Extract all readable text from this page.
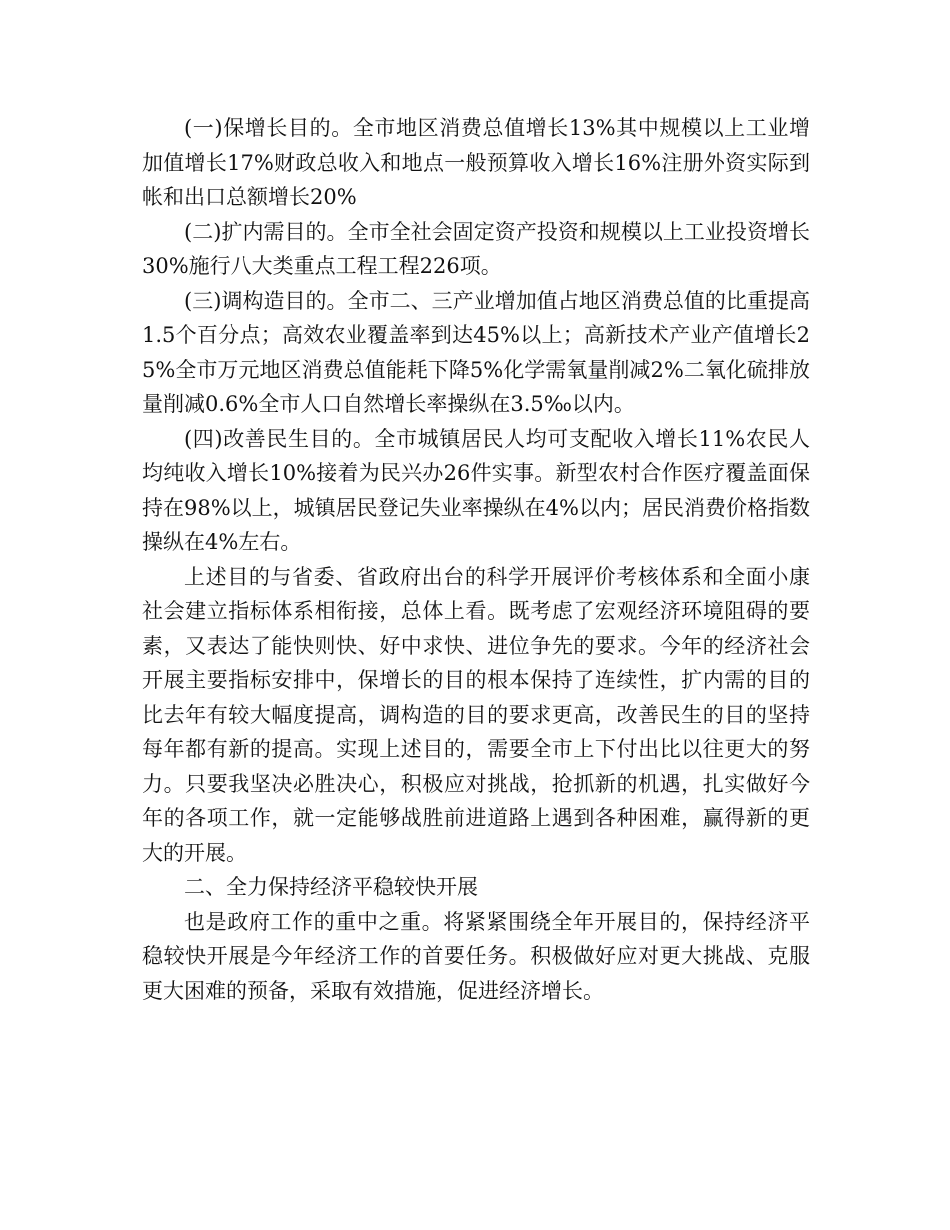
(一)保增长目的。全市地区消费总值增长13%其中规模以上工业增加值增长17%财政总收入和地点一般预算收入增长16%注册外资实际到帐和出口总额增长20%

(二)扩内需目的。全市全社会固定资产投资和规模以上工业投资增长30%施行八大类重点工程工程226项。

(三)调构造目的。全市二、三产业增加值占地区消费总值的比重提高1.5个百分点；高效农业覆盖率到达45%以上；高新技术产业产值增长25%全市万元地区消费总值能耗下降5%化学需氧量削减2%二氧化硫排放量削减0.6%全市人口自然增长率操纵在3.5‰以内。

(四)改善民生目的。全市城镇居民人均可支配收入增长11%农民人均纯收入增长10%接着为民兴办26件实事。新型农村合作医疗覆盖面保持在98%以上，城镇居民登记失业率操纵在4%以内；居民消费价格指数操纵在4%左右。

上述目的与省委、省政府出台的科学开展评价考核体系和全面小康社会建立指标体系相衔接，总体上看。既考虑了宏观经济环境阻碍的要素，又表达了能快则快、好中求快、进位争先的要求。今年的经济社会开展主要指标安排中，保增长的目的根本保持了连续性，扩内需的目的比去年有较大幅度提高，调构造的目的要求更高，改善民生的目的坚持每年都有新的提高。实现上述目的，需要全市上下付出比以往更大的努力。只要我坚决必胜决心，积极应对挑战，抢抓新的机遇，扎实做好今年的各项工作，就一定能够战胜前进道路上遇到各种困难，赢得新的更大的开展。

二、全力保持经济平稳较快开展

也是政府工作的重中之重。将紧紧围绕全年开展目的，保持经济平稳较快开展是今年经济工作的首要任务。积极做好应对更大挑战、克服更大困难的预备，采取有效措施，促进经济增长。
